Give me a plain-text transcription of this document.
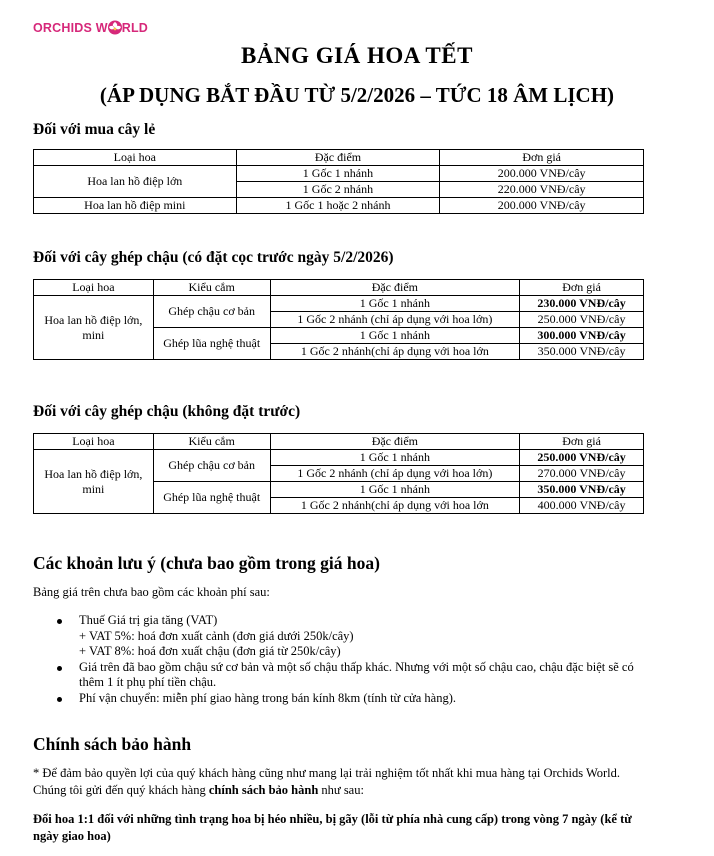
ORCHIDS W RLD
BẢNG GIÁ HOA TẾT
(ÁP DỤNG BẮT ĐẦU TỪ 5/2/2026 – TỨC 18 ÂM LỊCH)
Đối với mua cây lẻ
Loại hoa	Đặc điểm	Đơn giá
Hoa lan hồ điệp lớn	1 Gốc 1 nhánh	200.000 VNĐ/cây
	1 Gốc 2 nhánh	220.000 VNĐ/cây
Hoa lan hồ điệp mini	1 Gốc 1 hoặc 2 nhánh	200.000 VNĐ/cây
Đối với cây ghép chậu (có đặt cọc trước ngày 5/2/2026)
Loại hoa	Kiểu cắm	Đặc điểm	Đơn giá
Hoa lan hồ điệp lớn, mini	Ghép chậu cơ bản	1 Gốc 1 nhánh	230.000 VNĐ/cây
		1 Gốc 2 nhánh (chỉ áp dụng với hoa lớn)	250.000 VNĐ/cây
	Ghép lũa nghệ thuật	1 Gốc 1 nhánh	300.000 VNĐ/cây
		1 Gốc 2 nhánh(chỉ áp dụng với hoa lớn	350.000 VNĐ/cây
Đối với cây ghép chậu (không đặt trước)
Loại hoa	Kiểu cắm	Đặc điểm	Đơn giá
Hoa lan hồ điệp lớn, mini	Ghép chậu cơ bản	1 Gốc 1 nhánh	250.000 VNĐ/cây
		1 Gốc 2 nhánh (chỉ áp dụng với hoa lớn)	270.000 VNĐ/cây
	Ghép lũa nghệ thuật	1 Gốc 1 nhánh	350.000 VNĐ/cây
		1 Gốc 2 nhánh(chỉ áp dụng với hoa lớn	400.000 VNĐ/cây
Các khoản lưu ý (chưa bao gồm trong giá hoa)

Bảng giá trên chưa bao gồm các khoản phí sau:

Thuế Giá trị gia tăng (VAT)
+ VAT 5%: hoá đơn xuất cảnh (đơn giá dưới 250k/cây)
+ VAT 8%: hoá đơn xuất chậu (đơn giá từ 250k/cây)
Giá trên đã bao gồm chậu sứ cơ bản và một số chậu thấp khác. Nhưng với một số chậu cao, chậu đặc biệt sẽ có thêm 1 ít phụ phí tiền chậu.
Phí vận chuyển: miễn phí giao hàng trong bán kính 8km (tính từ cửa hàng).
Chính sách bảo hành

* Để đảm bảo quyền lợi của quý khách hàng cũng như mang lại trải nghiệm tốt nhất khi mua hàng tại Orchids World. Chúng tôi gửi đến quý khách hàng chính sách bảo hành như sau:

Đổi hoa 1:1 đối với những tình trạng hoa bị héo nhiều, bị gãy (lỗi từ phía nhà cung cấp) trong vòng 7 ngày (kể từ ngày giao hoa)
